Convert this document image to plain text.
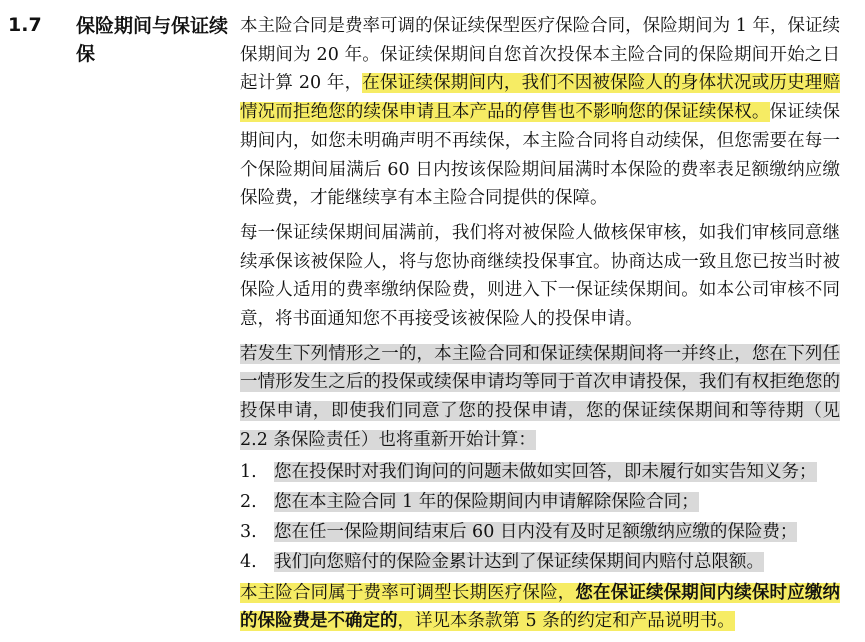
1.7 保险期间与保证续保

本主险合同是费率可调的保证续保型医疗保险合同，保险期间为 1 年，保证续保期间为 20 年。保证续保期间自您首次投保本主险合同的保险期间开始之日起计算 20 年，在保证续保期间内，我们不因被保险人的身体状况或历史理赔情况而拒绝您的续保申请且本产品的停售也不影响您的保证续保权。保证续保期间内，如您未明确声明不再续保，本主险合同将自动续保，但您需要在每一个保险期间届满后 60 日内按该保险期间届满时本保险的费率表足额缴纳应缴保险费，才能继续享有本主险合同提供的保障。

每一保证续保期间届满前，我们将对被保险人做核保审核，如我们审核同意继续承保该被保险人，将与您协商继续投保事宜。协商达成一致且您已按当时被保险人适用的费率缴纳保险费，则进入下一保证续保期间。如本公司审核不同意，将书面通知您不再接受该被保险人的投保申请。

若发生下列情形之一的，本主险合同和保证续保期间将一并终止，您在下列任一情形发生之后的投保或续保申请均等同于首次申请投保，我们有权拒绝您的投保申请，即使我们同意了您的投保申请，您的保证续保期间和等待期（见 2.2 条保险责任）也将重新开始计算：

1. 您在投保时对我们询问的问题未做如实回答，即未履行如实告知义务；
2. 您在本主险合同 1 年的保险期间内申请解除保险合同；
3. 您在任一保险期间结束后 60 日内没有及时足额缴纳应缴的保险费；
4. 我们向您赔付的保险金累计达到了保证续保期间内赔付总限额。

本主险合同属于费率可调型长期医疗保险，您在保证续保期间内续保时应缴纳的保险费是不确定的，详见本条款第 5 条的约定和产品说明书。
